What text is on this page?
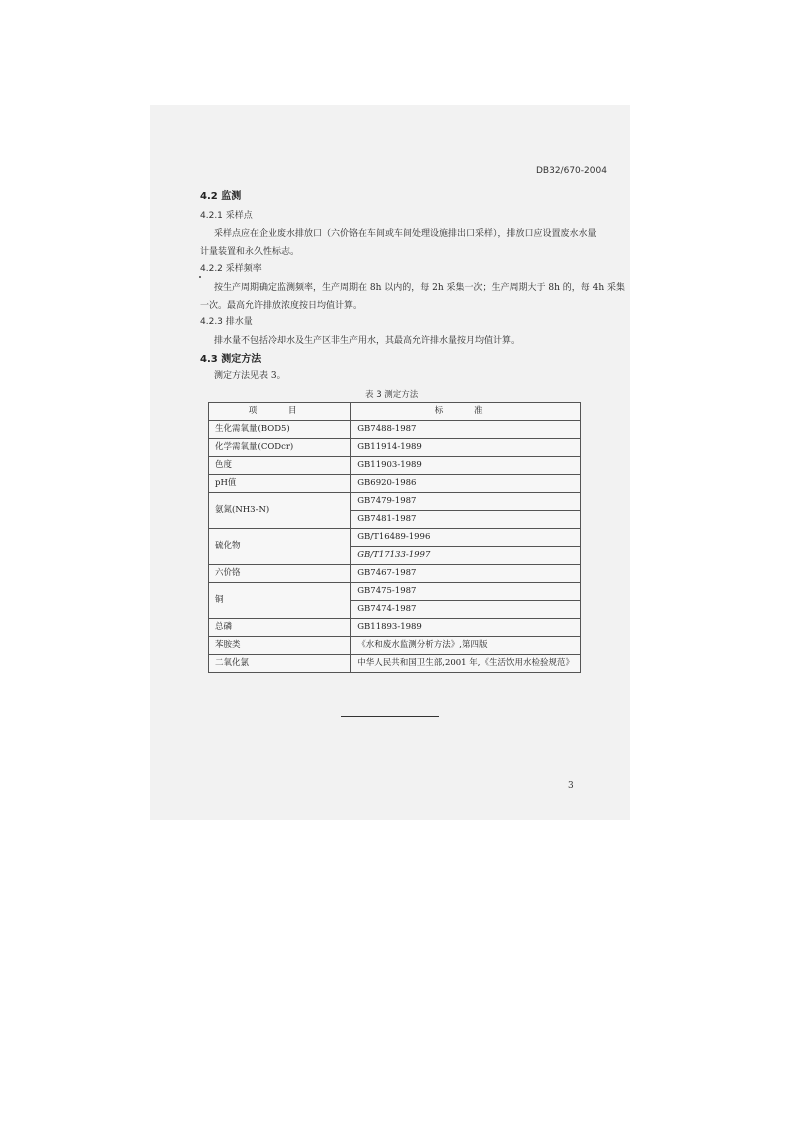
DB32/670-2004
4.2 监测
4.2.1 采样点
采样点应在企业废水排放口（六价铬在车间或车间处理设施排出口采样），排放口应设置废水水量
计量装置和永久性标志。
4.2.2 采样频率
按生产周期确定监测频率，生产周期在 8h 以内的，每 2h 采集一次；生产周期大于 8h 的，每 4h 采集
一次。最高允许排放浓度按日均值计算。
4.2.3 排水量
排水量不包括冷却水及生产区非生产用水，其最高允许排水量按月均值计算。
4.3 测定方法
测定方法见表 3。
表 3 测定方法
项 目	标 准
生化需氧量(BOD5)	GB7488-1987
化学需氧量(CODcr)	GB11914-1989
色度	GB11903-1989
pH值	GB6920-1986
氨氮(NH3-N)	GB7479-1987
	GB7481-1987
硫化物	GB/T16489-1996
	GB/T17133-1997
六价铬	GB7467-1987
铜	GB7475-1987
	GB7474-1987
总磷	GB11893-1989
苯胺类	《水和废水监测分析方法》,第四版
二氧化氯	中华人民共和国卫生部,2001 年,《生活饮用水检验规范》
3
